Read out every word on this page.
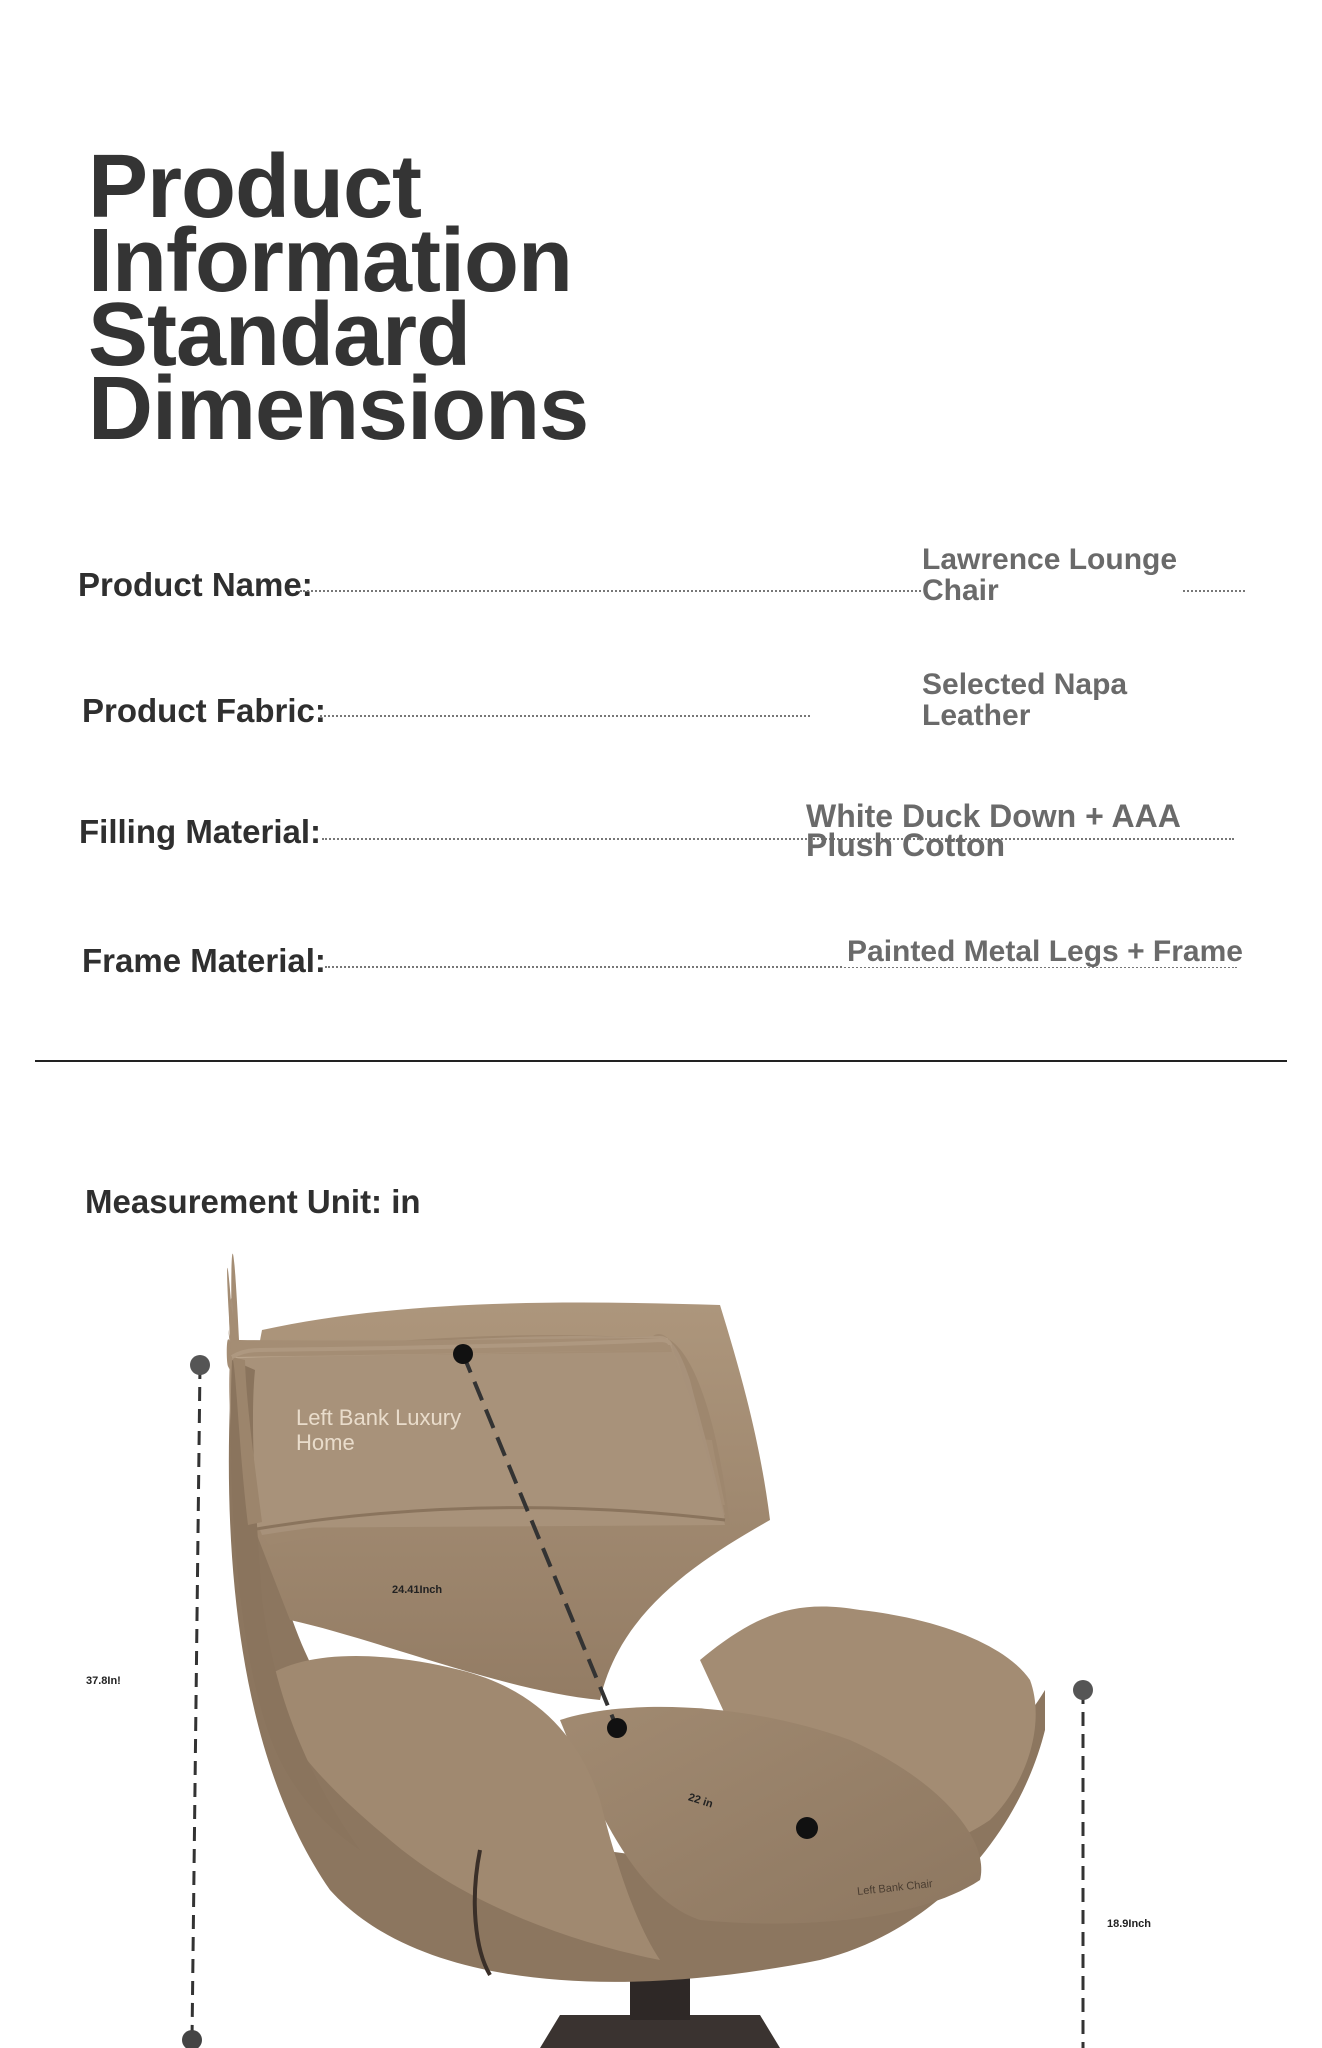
Product
Information
Standard
Dimensions
Product Name:
Lawrence Lounge
Chair
Product Fabric:
Selected Napa
Leather
Filling Material:	White Duck Down + AAA
Plush Cotton
Frame Material:	Painted Metal Legs + Frame
Measurement Unit: in
Left Bank Luxury
Home
Left Bank Chair
24.41Inch
37.8In!
22 in
18.9Inch
